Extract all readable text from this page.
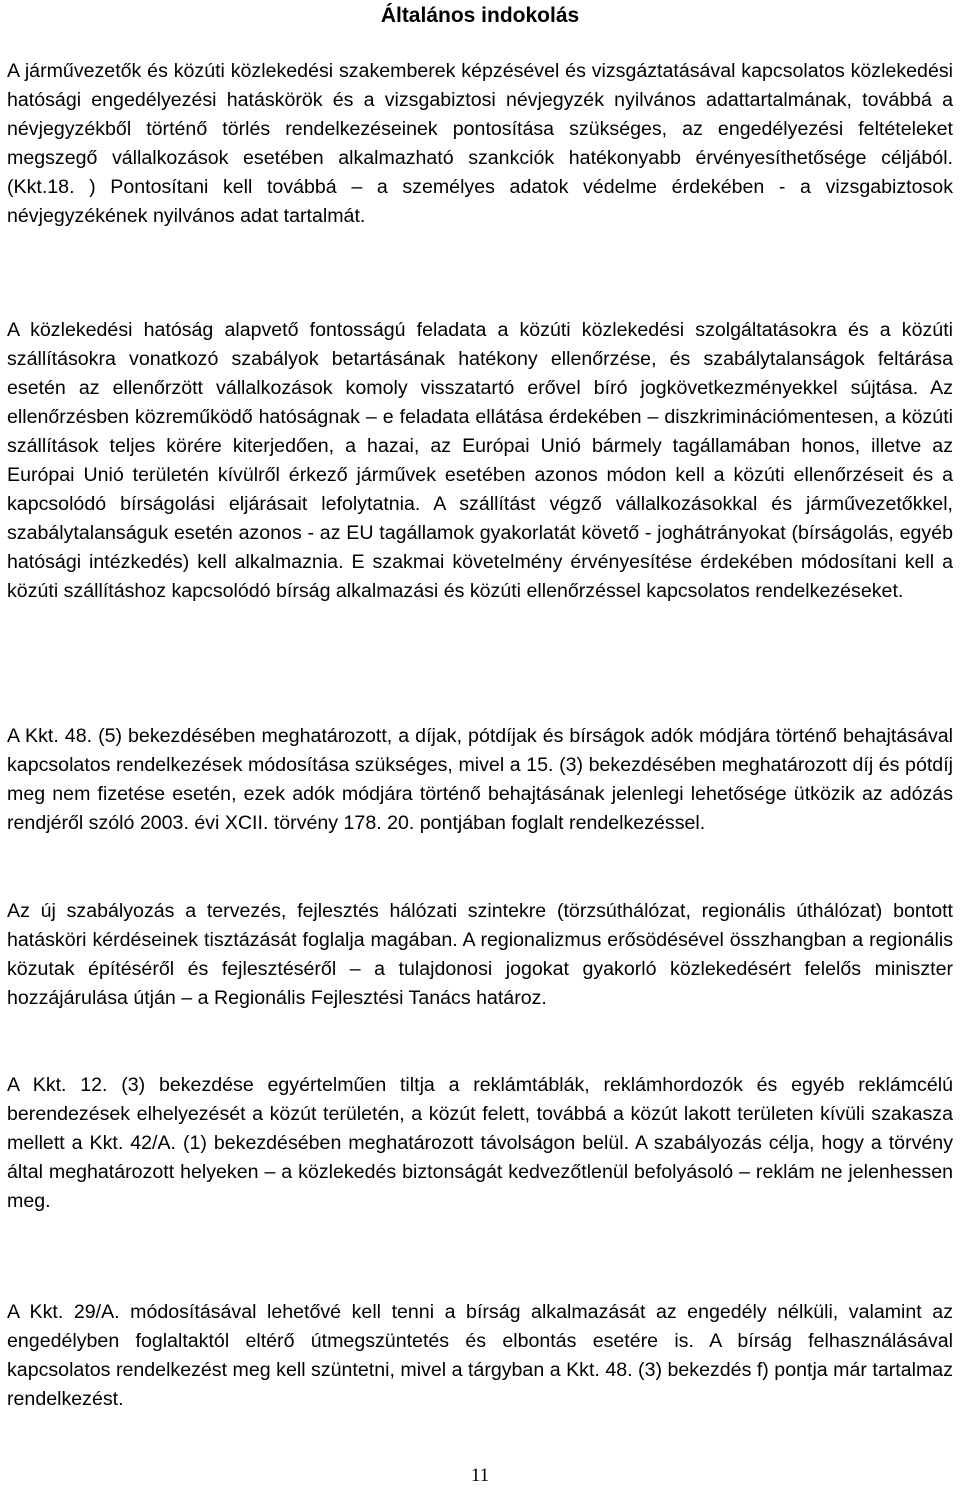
Általános indokolás

A járművezetők és közúti közlekedési szakemberek képzésével és vizsgáztatásával kapcsolatos közlekedési hatósági engedélyezési hatáskörök és a vizsgabiztosi névjegyzék nyilvános adattartalmának, továbbá a névjegyzékből történő törlés rendelkezéseinek pontosítása szükséges, az engedélyezési feltételeket megszegő vállalkozások esetében alkalmazható szankciók hatékonyabb érvényesíthetősége céljából. (Kkt.18. ) Pontosítani kell továbbá – a személyes adatok védelme érdekében - a vizsgabiztosok névjegyzékének nyilvános adat tartalmát.

A közlekedési hatóság alapvető fontosságú feladata a közúti közlekedési szolgáltatásokra és a közúti szállításokra vonatkozó szabályok betartásának hatékony ellenőrzése, és szabálytalanságok feltárása esetén az ellenőrzött vállalkozások komoly visszatartó erővel bíró jogkövetkezményekkel sújtása. Az ellenőrzésben közreműködő hatóságnak – e feladata ellátása érdekében – diszkriminációmentesen, a közúti szállítások teljes körére kiterjedően, a hazai, az Európai Unió bármely tagállamában honos, illetve az Európai Unió területén kívülről érkező járművek esetében azonos módon kell a közúti ellenőrzéseit és a kapcsolódó bírságolási eljárásait lefolytatnia. A szállítást végző vállalkozásokkal és járművezetőkkel, szabálytalanságuk esetén azonos - az EU tagállamok gyakorlatát követő - joghátrányokat (bírságolás, egyéb hatósági intézkedés) kell alkalmaznia. E szakmai követelmény érvényesítése érdekében módosítani kell a közúti szállításhoz kapcsolódó bírság alkalmazási és közúti ellenőrzéssel kapcsolatos rendelkezéseket.

A Kkt. 48. (5) bekezdésében meghatározott, a díjak, pótdíjak és bírságok adók módjára történő behajtásával kapcsolatos rendelkezések módosítása szükséges, mivel a 15. (3) bekezdésében meghatározott díj és pótdíj meg nem fizetése esetén, ezek adók módjára történő behajtásának jelenlegi lehetősége ütközik az adózás rendjéről szóló 2003. évi XCII. törvény 178. 20. pontjában foglalt rendelkezéssel.

Az új szabályozás a tervezés, fejlesztés hálózati szintekre (törzsúthálózat, regionális úthálózat) bontott hatásköri kérdéseinek tisztázását foglalja magában. A regionalizmus erősödésével összhangban a regionális közutak építéséről és fejlesztéséről – a tulajdonosi jogokat gyakorló közlekedésért felelős miniszter hozzájárulása útján – a Regionális Fejlesztési Tanács határoz.

A Kkt. 12. (3) bekezdése egyértelműen tiltja a reklámtáblák, reklámhordozók és egyéb reklámcélú berendezések elhelyezését a közút területén, a közút felett, továbbá a közút lakott területen kívüli szakasza mellett a Kkt. 42/A. (1) bekezdésében meghatározott távolságon belül. A szabályozás célja, hogy a törvény által meghatározott helyeken – a közlekedés biztonságát kedvezőtlenül befolyásoló – reklám ne jelenhessen meg.

A Kkt. 29/A. módosításával lehetővé kell tenni a bírság alkalmazását az engedély nélküli, valamint az engedélyben foglaltaktól eltérő útmegszüntetés és elbontás esetére is. A bírság felhasználásával kapcsolatos rendelkezést meg kell szüntetni, mivel a tárgyban a Kkt. 48. (3) bekezdés f) pontja már tartalmaz rendelkezést.

11
